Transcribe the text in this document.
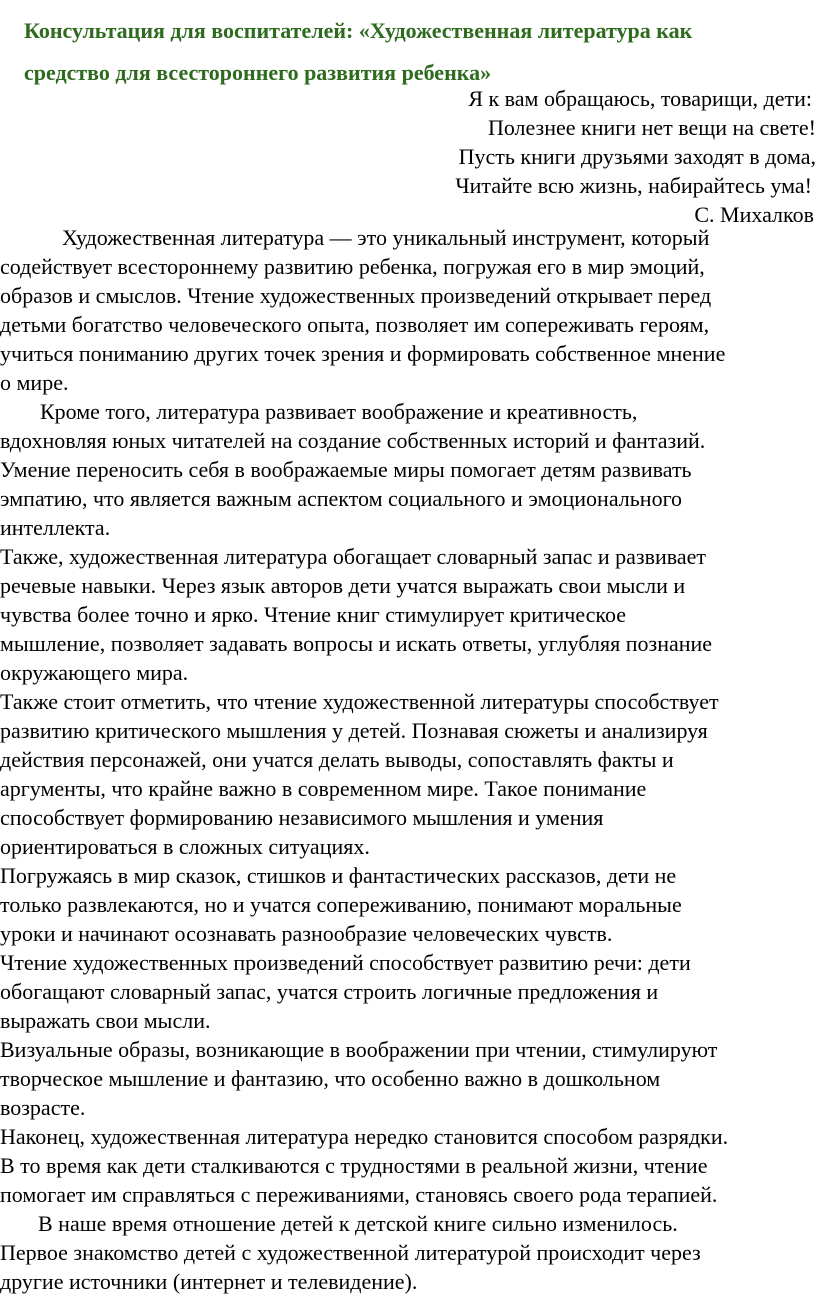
Консультация для воспитателей: «Художественная литература как
средство для всестороннего развития ребенка»
Я к вам обращаюсь, товарищи, дети:
Полезнее книги нет вещи на свете!
Пусть книги друзьями заходят в дома,
Читайте всю жизнь, набирайтесь ума!
С. Михалков

Художественная литература — это уникальный инструмент, который
содействует всестороннему развитию ребенка, погружая его в мир эмоций,
образов и смыслов. Чтение художественных произведений открывает перед
детьми богатство человеческого опыта, позволяет им сопереживать героям,
учиться пониманию других точек зрения и формировать собственное мнение
о мире.

Кроме того, литература развивает воображение и креативность,
вдохновляя юных читателей на создание собственных историй и фантазий.
Умение переносить себя в воображаемые миры помогает детям развивать
эмпатию, что является важным аспектом социального и эмоционального
интеллекта.

Также, художественная литература обогащает словарный запас и развивает
речевые навыки. Через язык авторов дети учатся выражать свои мысли и
чувства более точно и ярко. Чтение книг стимулирует критическое
мышление, позволяет задавать вопросы и искать ответы, углубляя познание
окружающего мира.

Также стоит отметить, что чтение художественной литературы способствует
развитию критического мышления у детей. Познавая сюжеты и анализируя
действия персонажей, они учатся делать выводы, сопоставлять факты и
аргументы, что крайне важно в современном мире. Такое понимание
способствует формированию независимого мышления и умения
ориентироваться в сложных ситуациях.

Погружаясь в мир сказок, стишков и фантастических рассказов, дети не
только развлекаются, но и учатся сопереживанию, понимают моральные
уроки и начинают осознавать разнообразие человеческих чувств.

Чтение художественных произведений способствует развитию речи: дети
обогащают словарный запас, учатся строить логичные предложения и
выражать свои мысли.

Визуальные образы, возникающие в воображении при чтении, стимулируют
творческое мышление и фантазию, что особенно важно в дошкольном
возрасте.

Наконец, художественная литература нередко становится способом разрядки.
В то время как дети сталкиваются с трудностями в реальной жизни, чтение
помогает им справляться с переживаниями, становясь своего рода терапией.

В наше время отношение детей к детской книге сильно изменилось.
Первое знакомство детей с художественной литературой происходит через
другие источники (интернет и телевидение).
